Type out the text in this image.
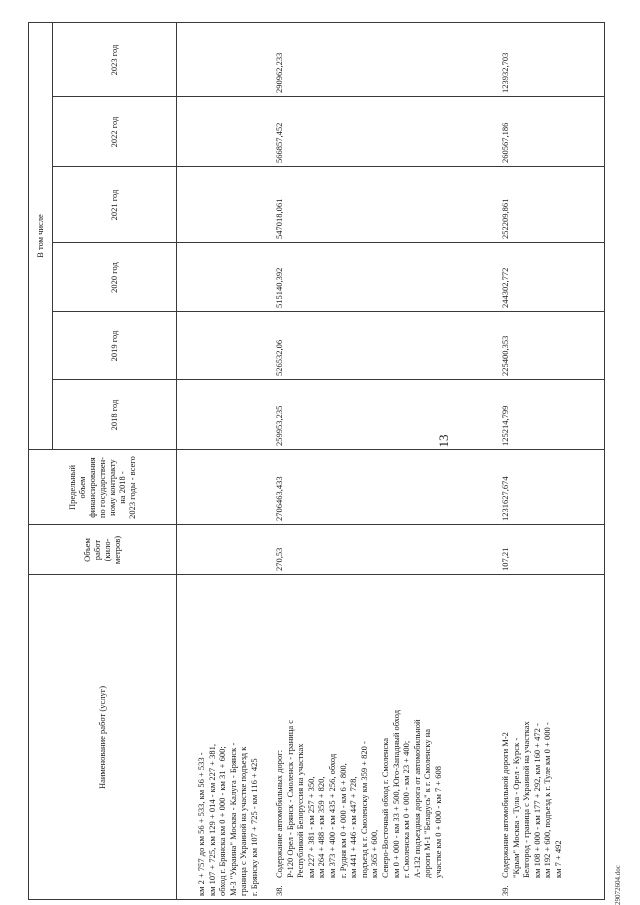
13
Наименование работ (услуг)
Объем работ (кило- метров)
Предельный объем финансирования по государствен- ному контракту на 2018 - 2023 годы - всего
В том числе
2018 год
2019 год
2020 год
2021 год
2022 год
2023 год
км 2 + 757 до км 56 + 533, км 56 + 533 - км 107 + 725, км 129 + 014 - км 227 + 381, обход г. Брянска км 0 + 000 - км 31 + 600; М-3 "Украина" Москва - Калуга - Брянск - граница с Украиной на участке подъезд к г. Брянску км 107 + 725 - км 116 + 425 38.
Содержание автомобильных дорог: Р-120 Орел - Брянск - Смоленск - граница с Республикой Белоруссия на участках км 227 + 381 - км 257 + 350, км 264 + 488 - км 359 + 820, км 373 + 400 - км 435 + 256, обход г. Рудня км 0 + 000 - км 6 + 800, км 441 + 446 - км 447 + 728, подъезд к г. Смоленску км 359 + 820 - км 365 + 600, Северо-Восточный обход г. Смоленска км 0 + 000 - км 33 + 500, Юго-Западный обход г. Смоленска км 0 + 000 - км 23 + 400; А-132 подъездная дорога от автомобильной дороги М-1 "Беларусь" к г. Смоленску на участке км 0 + 000 - км 7 + 608
270,53
2706463,433
259953,235
526532,06
515140,392
547018,061
566857,452
290962,233
39.
Содержание автомобильной дороги М-2 "Крым" Москва - Тула - Орел - Курск - Белгород - граница с Украиной на участках км 108 + 000 - км 177 + 292, км 160 + 472 - км 192 + 600, подъезд к г. Туле км 0 + 000 - км 7 + 492
107,21
1231627,674
125214,799
225400,353
244302,772
252209,861
260567,186
123932,703
29072604.doc
